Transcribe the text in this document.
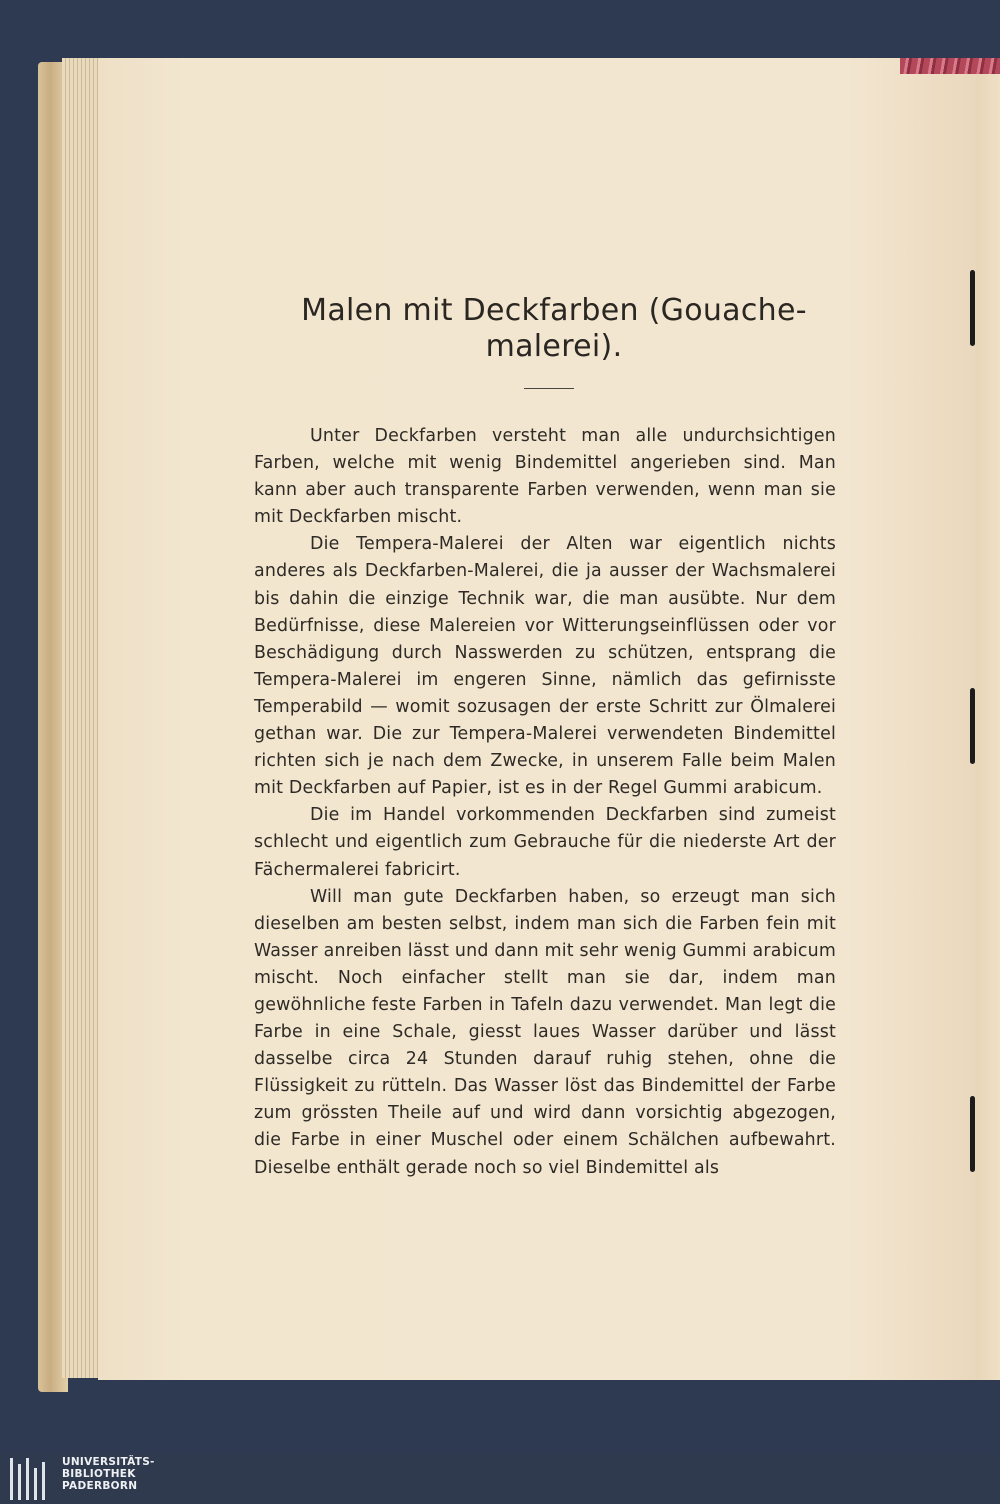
Malen mit Deckfarben (Gouache-
malerei).

Unter Deckfarben versteht man alle undurchsichtigen Farben, welche mit wenig Bindemittel angerieben sind. Man kann aber auch transparente Farben verwenden, wenn man sie mit Deckfarben mischt.

Die Tempera-Malerei der Alten war eigentlich nichts anderes als Deckfarben-Malerei, die ja ausser der Wachsmalerei bis dahin die einzige Technik war, die man ausübte. Nur dem Bedürfnisse, diese Malereien vor Witterungseinflüssen oder vor Beschädigung durch Nasswerden zu schützen, entsprang die Tempera-Malerei im engeren Sinne, nämlich das gefirnisste Temperabild — womit sozusagen der erste Schritt zur Ölmalerei gethan war. Die zur Tempera-Malerei verwendeten Bindemittel richten sich je nach dem Zwecke, in unserem Falle beim Malen mit Deckfarben auf Papier, ist es in der Regel Gummi arabicum.

Die im Handel vorkommenden Deckfarben sind zumeist schlecht und eigentlich zum Gebrauche für die niederste Art der Fächermalerei fabricirt.

Will man gute Deckfarben haben, so erzeugt man sich dieselben am besten selbst, indem man sich die Farben fein mit Wasser anreiben lässt und dann mit sehr wenig Gummi arabicum mischt. Noch einfacher stellt man sie dar, indem man gewöhnliche feste Farben in Tafeln dazu verwendet. Man legt die Farbe in eine Schale, giesst laues Wasser darüber und lässt dasselbe circa 24 Stunden darauf ruhig stehen, ohne die Flüssigkeit zu rütteln. Das Wasser löst das Bindemittel der Farbe zum grössten Theile auf und wird dann vorsichtig abgezogen, die Farbe in einer Muschel oder einem Schälchen aufbewahrt. Dieselbe enthält gerade noch so viel Bindemittel als

UNIVERSITÄTS-
BIBLIOTHEK
PADERBORN
